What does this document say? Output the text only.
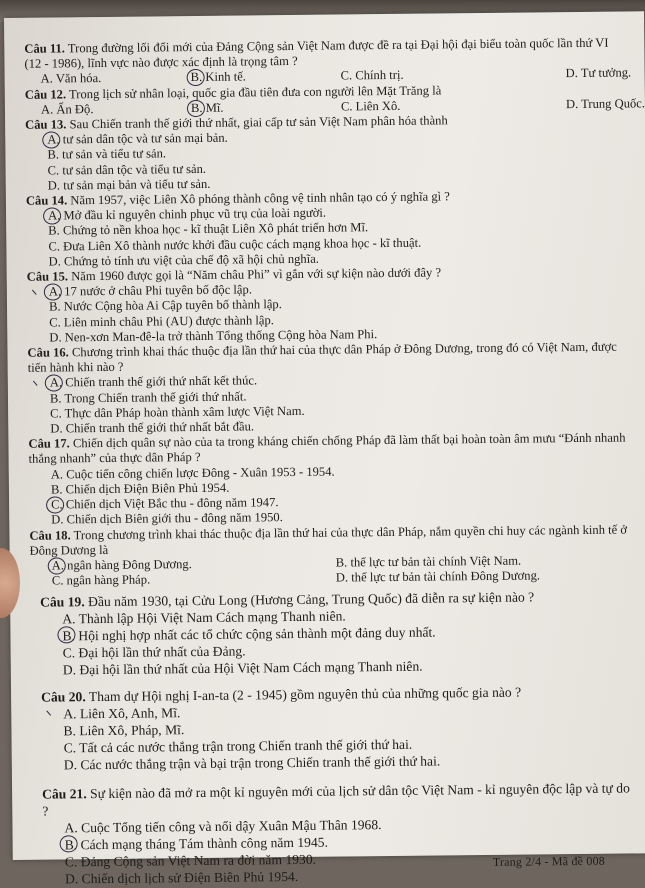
Câu 11. Trong đường lối đổi mới của Đảng Cộng sản Việt Nam được đề ra tại Đại hội đại biểu toàn quốc lần thứ VI (12 - 1986), lĩnh vực nào được xác định là trọng tâm ?

A. Văn hóa.	B. Kinh tế.	C. Chính trị.	D. Tư tưởng.

Câu 12. Trong lịch sử nhân loại, quốc gia đầu tiên đưa con người lên Mặt Trăng là

A. Ấn Độ.	B. Mĩ.	C. Liên Xô.	D. Trung Quốc.

Câu 13. Sau Chiến tranh thế giới thứ nhất, giai cấp tư sản Việt Nam phân hóa thành

A. tư sản dân tộc và tư sản mại bản.

B. tư sản và tiểu tư sản.

C. tư sản dân tộc và tiểu tư sản.

D. tư sản mại bản và tiểu tư sản.

Câu 14. Năm 1957, việc Liên Xô phóng thành công vệ tinh nhân tạo có ý nghĩa gì ?

A. Mở đầu kỉ nguyên chinh phục vũ trụ của loài người.

B. Chứng tỏ nền khoa học - kĩ thuật Liên Xô phát triển hơn Mĩ.

C. Đưa Liên Xô thành nước khởi đầu cuộc cách mạng khoa học - kĩ thuật.

D. Chứng tỏ tính ưu việt của chế độ xã hội chủ nghĩa.

Câu 15. Năm 1960 được gọi là “Năm châu Phi” vì gắn với sự kiện nào dưới đây ?

A. 17 nước ở châu Phi tuyên bố độc lập.

B. Nước Cộng hòa Ai Cập tuyên bố thành lập.

C. Liên minh châu Phi (AU) được thành lập.

D. Nen-xơn Man-đê-la trở thành Tổng thống Cộng hòa Nam Phi.

Câu 16. Chương trình khai thác thuộc địa lần thứ hai của thực dân Pháp ở Đông Dương, trong đó có Việt Nam, được tiến hành khi nào ?

A. Chiến tranh thế giới thứ nhất kết thúc.

B. Trong Chiến tranh thế giới thứ nhất.

C. Thực dân Pháp hoàn thành xâm lược Việt Nam.

D. Chiến tranh thế giới thứ nhất bắt đầu.

Câu 17. Chiến dịch quân sự nào của ta trong kháng chiến chống Pháp đã làm thất bại hoàn toàn âm mưu “Đánh nhanh thắng nhanh” của thực dân Pháp ?

A. Cuộc tiến công chiến lược Đông - Xuân 1953 - 1954.

B. Chiến dịch Điện Biên Phủ 1954.

C. Chiến dịch Việt Bắc thu - đông năm 1947.

D. Chiến dịch Biên giới thu - đông năm 1950.

Câu 18. Trong chương trình khai thác thuộc địa lần thứ hai của thực dân Pháp, nắm quyền chi huy các ngành kinh tế ở Đông Dương là

A. ngân hàng Đông Dương.	B. thế lực tư bản tài chính Việt Nam.
C. ngân hàng Pháp.	D. thế lực tư bản tài chính Đông Dương.

Câu 19. Đầu năm 1930, tại Cửu Long (Hương Cảng, Trung Quốc) đã diễn ra sự kiện nào ?

A. Thành lập Hội Việt Nam Cách mạng Thanh niên.

B. Hội nghị hợp nhất các tổ chức cộng sản thành một đảng duy nhất.

C. Đại hội lần thứ nhất của Đảng.

D. Đại hội lần thứ nhất của Hội Việt Nam Cách mạng Thanh niên.

Câu 20. Tham dự Hội nghị I-an-ta (2 - 1945) gồm nguyên thủ của những quốc gia nào ?

A. Liên Xô, Anh, Mĩ.

B. Liên Xô, Pháp, Mĩ.

C. Tất cả các nước thắng trận trong Chiến tranh thế giới thứ hai.

D. Các nước thắng trận và bại trận trong Chiến tranh thế giới thứ hai.

Câu 21. Sự kiện nào đã mở ra một kỉ nguyên mới của lịch sử dân tộc Việt Nam - kỉ nguyên độc lập và tự do ?

A. Cuộc Tổng tiến công và nổi dậy Xuân Mậu Thân 1968.

B. Cách mạng tháng Tám thành công năm 1945.

C. Đảng Cộng sản Việt Nam ra đời năm 1930.

D. Chiến dịch lịch sử Điện Biên Phủ 1954.

Trang 2/4 - Mã đề 008
